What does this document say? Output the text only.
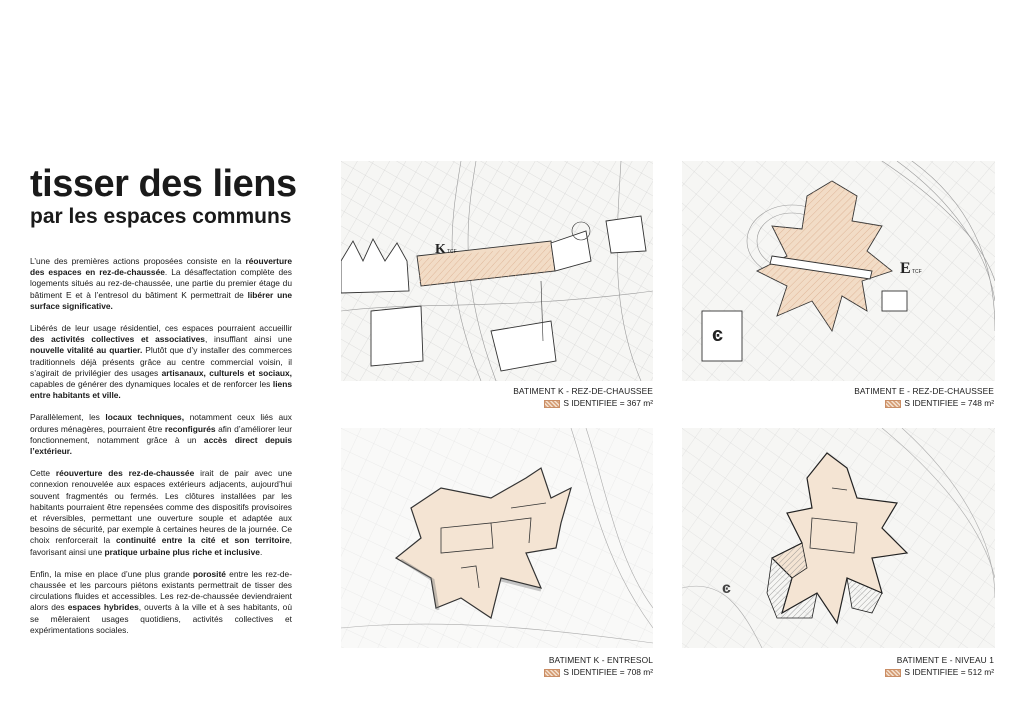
tisser des liens
par les espaces communs

L’une des premières actions proposées consiste en la réouverture des espaces en rez-de-chaussée. La désaffectation complète des logements situés au rez-de-chaussée, une partie du premier étage du bâtiment E et à l’entresol du bâtiment K permettrait de libérer une surface significative.

Libérés de leur usage résidentiel, ces espaces pourraient accueillir des activités collectives et associatives, insufflant ainsi une nouvelle vitalité au quartier. Plutôt que d’y installer des commerces traditionnels déjà présents grâce au centre commercial voisin, il s’agirait de privilégier des usages artisanaux, culturels et sociaux, capables de générer des dynamiques locales et de renforcer les liens entre habitants et ville.

Parallèlement, les locaux techniques, notamment ceux liés aux ordures ménagères, pourraient être reconfigurés afin d’améliorer leur fonctionnement, notamment grâce à un accès direct depuis l’extérieur.

Cette réouverture des rez-de-chaussée irait de pair avec une connexion renouvelée aux espaces extérieurs adjacents, aujourd’hui souvent fragmentés ou fermés. Les clôtures installées par les habitants pourraient être repensées comme des dispositifs provisoires et réversibles, permettant une ouverture souple et adaptée aux besoins de sécurité, par exemple à certaines heures de la journée. Ce choix renforcerait la continuité entre la cité et son territoire, favorisant ainsi une pratique urbaine plus riche et inclusive.

Enfin, la mise en place d’une plus grande porosité entre les rez-de-chaussée et les parcours piétons existants permettrait de tisser des circulations fluides et accessibles. Les rez-de-chaussée deviendraient alors des espaces hybrides, ouverts à la ville et à ses habitants, où se mêleraient usages quotidiens, activités collectives et expérimentations sociales.

K TCF
BATIMENT K - REZ-DE-CHAUSSEE
S IDENTIFIEE = 367 m²
E TCF
ͼ
BATIMENT E - REZ-DE-CHAUSSEE
S IDENTIFIEE = 748 m²
BATIMENT K - ENTRESOL
S IDENTIFIEE = 708 m²
ͼ
BATIMENT E - NIVEAU 1
S IDENTIFIEE = 512 m²
